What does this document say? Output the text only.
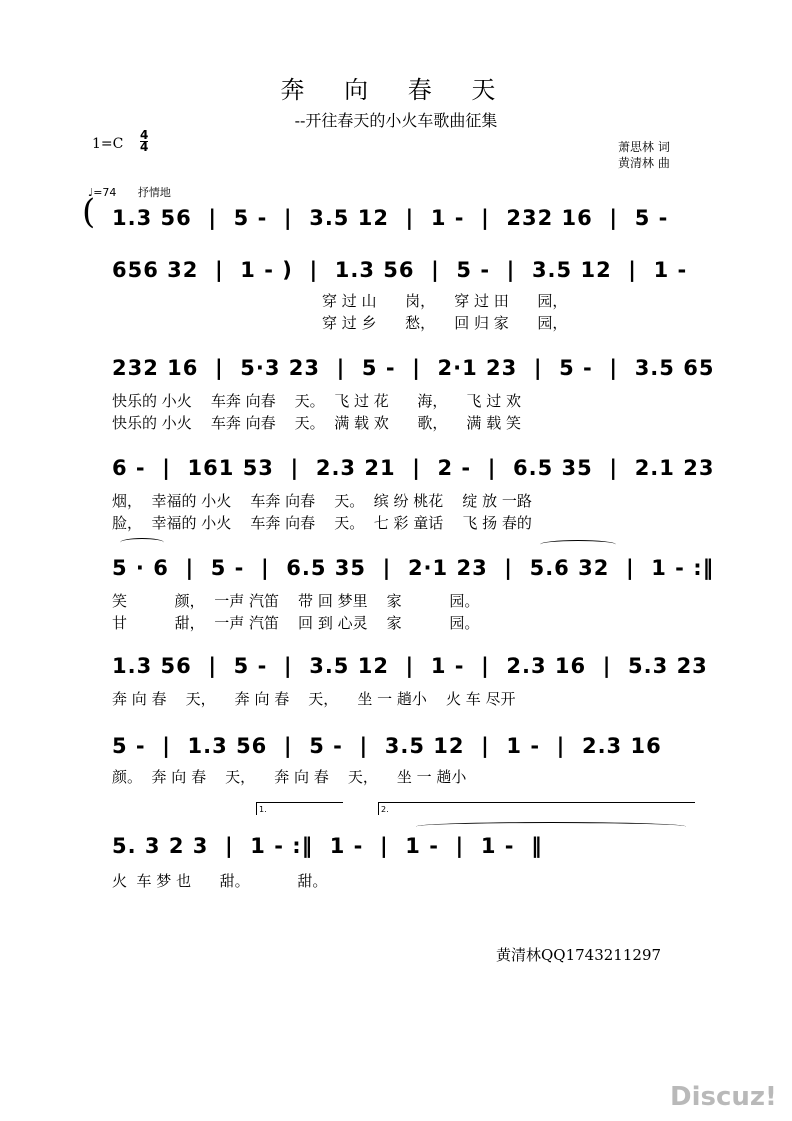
奔 向 春 天
--开往春天的小火车歌曲征集
1=C
4
4	萧思林 词
黄清林 曲
♩=74 抒情地
( 1.3 56  |  5 -  |  3.5 12  |  1 -  |  232 16  |  5 -
656 32  |  1 - )  |  1.3 56  |  5 -  |  3.5 12  |  1 -
穿 过 山      岗，    穿 过 田      园，
穿 过 乡      愁，    回 归 家      园，
232 16  |  5·3 23  |  5 -  |  2·1 23  |  5 -  |  3.5 65
快乐的 小火    车奔 向春    天。  飞 过 花      海，    飞 过 欢
快乐的 小火    车奔 向春    天。  满 载 欢      歌，    满 载 笑
6 -  |  161 53  |  2.3 21  |  2 -  |  6.5 35  |  2.1 23
烟，  幸福的 小火    车奔 向春    天。  缤 纷 桃花    绽 放 一路
脸，  幸福的 小火    车奔 向春    天。  七 彩 童话    飞 扬 春的
5 · 6  |  5 -  |  6.5 35  |  2·1 23  |  5.6 32  |  1 - :‖
笑          颜，  一声 汽笛    带 回 梦里    家          园。
甘          甜，  一声 汽笛    回 到 心灵    家          园。
1.3 56  |  5 -  |  3.5 12  |  1 -  |  2.3 16  |  5.3 23
奔 向 春    天，    奔 向 春    天，    坐 一 趟小    火 车 尽开
5 -  |  1.3 56  |  5 -  |  3.5 12  |  1 -  |  2.3 16
颜。  奔 向 春    天，    奔 向 春    天，    坐 一 趟小
1.	2.
5. 3 2 3  |  1 - :‖  1 -  |  1 -  |  1 -  ‖
火  车 梦 也      甜。          甜。
黄清林QQ1743211297
Discuz!
